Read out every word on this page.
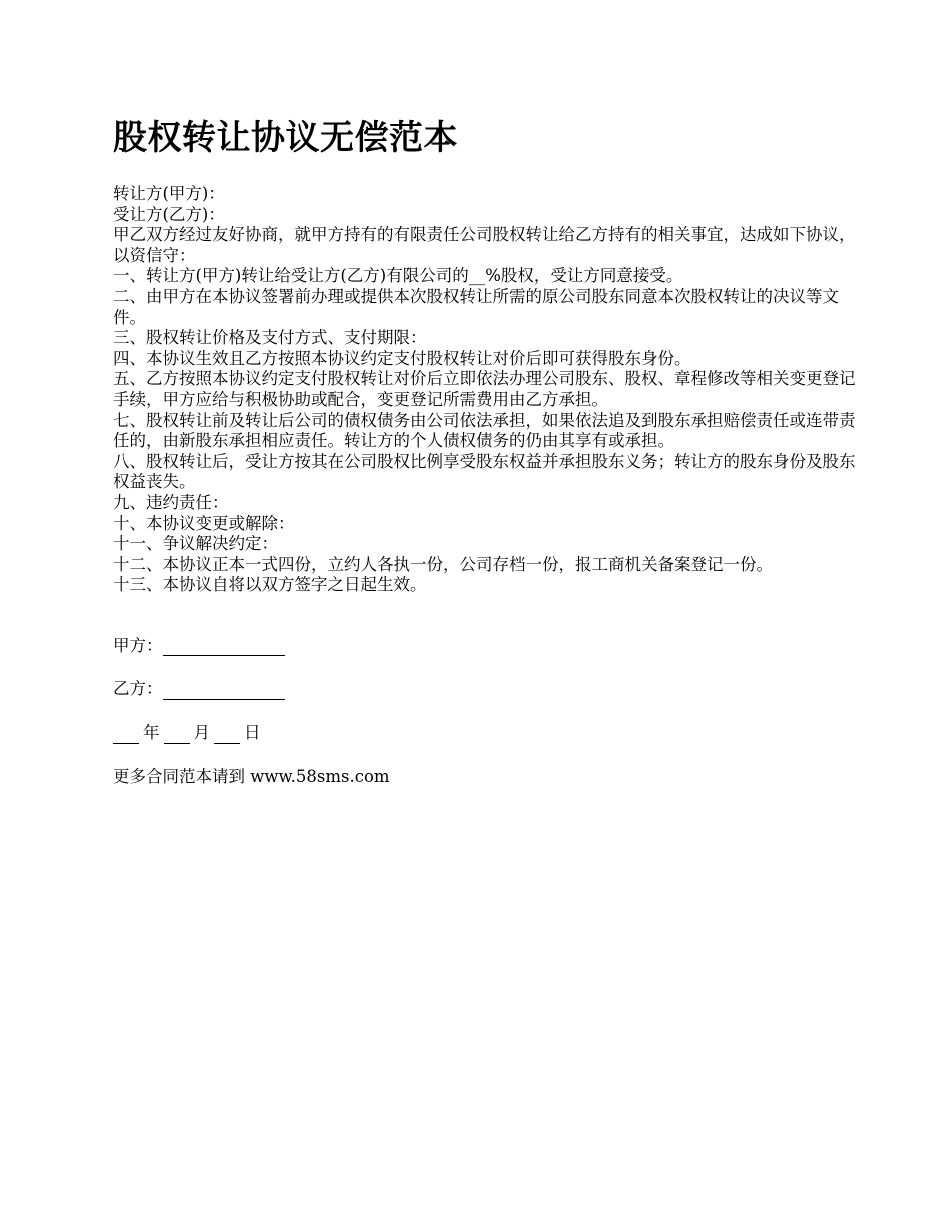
股权转让协议无偿范本

转让方(甲方)：

受让方(乙方)：

甲乙双方经过友好协商，就甲方持有的有限责任公司股权转让给乙方持有的相关事宜，达成如下协议，以资信守：

一、转让方(甲方)转让给受让方(乙方)有限公司的__%股权，受让方同意接受。

二、由甲方在本协议签署前办理或提供本次股权转让所需的原公司股东同意本次股权转让的决议等文件。

三、股权转让价格及支付方式、支付期限：

四、本协议生效且乙方按照本协议约定支付股权转让对价后即可获得股东身份。

五、乙方按照本协议约定支付股权转让对价后立即依法办理公司股东、股权、章程修改等相关变更登记手续，甲方应给与积极协助或配合，变更登记所需费用由乙方承担。

七、股权转让前及转让后公司的债权债务由公司依法承担，如果依法追及到股东承担赔偿责任或连带责任的，由新股东承担相应责任。转让方的个人债权债务的仍由其享有或承担。

八、股权转让后，受让方按其在公司股权比例享受股东权益并承担股东义务；转让方的股东身份及股东权益丧失。

九、违约责任：

十、本协议变更或解除：

十一、争议解决约定：

十二、本协议正本一式四份，立约人各执一份，公司存档一份，报工商机关备案登记一份。

十三、本协议自将以双方签字之日起生效。

甲方：

乙方：

年 月 日

更多合同范本请到 www.58sms.com
